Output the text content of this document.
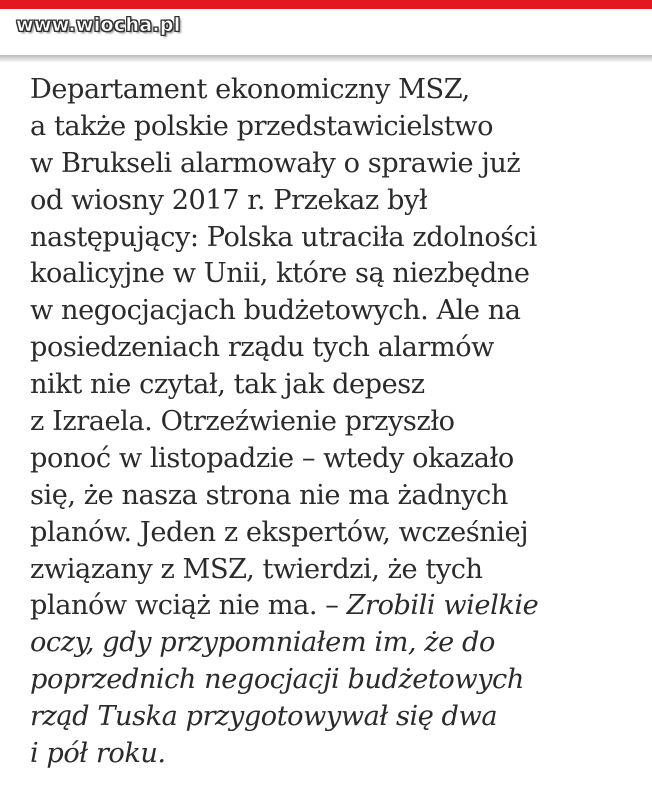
www.wiocha.pl
Departament ekonomiczny MSZ,
a także polskie przedstawicielstwo
w Brukseli alarmowały o sprawie już
od wiosny 2017 r. Przekaz był
następujący: Polska utraciła zdolności
koalicyjne w Unii, które są niezbędne
w negocjacjach budżetowych. Ale na
posiedzeniach rządu tych alarmów
nikt nie czytał, tak jak depesz
z Izraela. Otrzeźwienie przyszło
ponoć w listopadzie – wtedy okazało
się, że nasza strona nie ma żadnych
planów. Jeden z ekspertów, wcześniej
związany z MSZ, twierdzi, że tych
planów wciąż nie ma. – Zrobili wielkie
oczy, gdy przypomniałem im, że do
poprzednich negocjacji budżetowych
rząd Tuska przygotowywał się dwa
i pół roku.
